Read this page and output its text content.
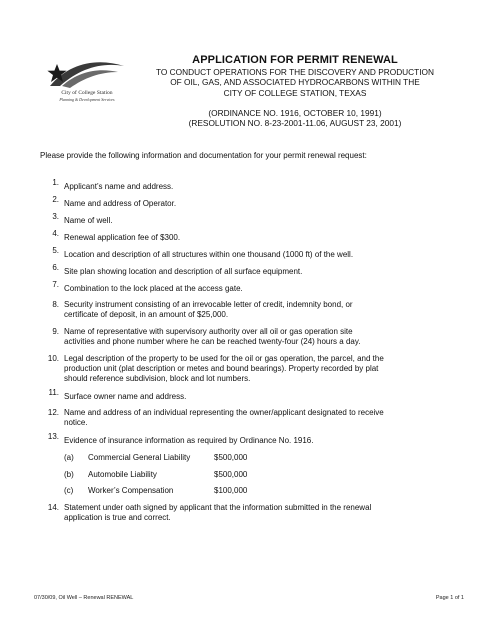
City of College Station
Planning & Development Services
APPLICATION FOR PERMIT RENEWAL
TO CONDUCT OPERATIONS FOR THE DISCOVERY AND PRODUCTION
OF OIL, GAS, AND ASSOCIATED HYDROCARBONS WITHIN THE
CITY OF COLLEGE STATION, TEXAS
(ORDINANCE NO. 1916, OCTOBER 10, 1991)
(RESOLUTION NO. 8-23-2001-11.06, AUGUST 23, 2001)
Please provide the following information and documentation for your permit renewal request:
1. Applicant’s name and address.
2. Name and address of Operator.
3. Name of well.
4. Renewal application fee of $300.
5. Location and description of all structures within one thousand (1000 ft) of the well.
6. Site plan showing location and description of all surface equipment.
7. Combination to the lock placed at the access gate.
8. Security instrument consisting of an irrevocable letter of credit, indemnity bond, or
certificate of deposit, in an amount of $25,000.
9. Name of representative with supervisory authority over all oil or gas operation site
activities and phone number where he can be reached twenty-four (24) hours a day.
10. Legal description of the property to be used for the oil or gas operation, the parcel, and the
production unit (plat description or metes and bound bearings). Property recorded by plat
should reference subdivision, block and lot numbers.
11. Surface owner name and address.
12. Name and address of an individual representing the owner/applicant designated to receive
notice.
13. Evidence of insurance information as required by Ordinance No. 1916.
(a) Commercial General Liability	$500,000
(b) Automobile Liability	$500,000
(c) Worker’s Compensation	$100,000
14. Statement under oath signed by applicant that the information submitted in the renewal
application is true and correct.
07/30/09, Oil Well – Renewal RENEWAL	Page 1 of 1
